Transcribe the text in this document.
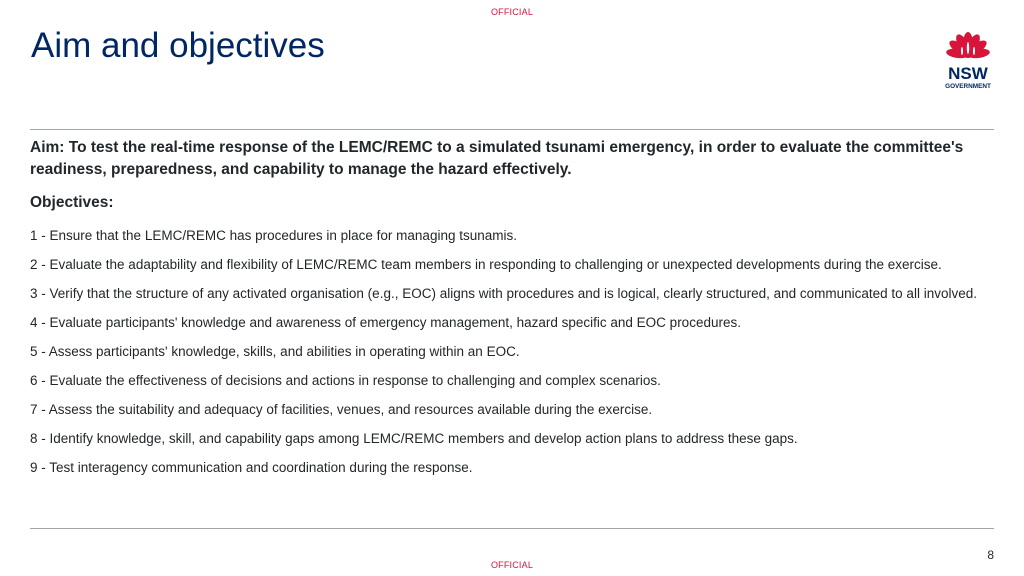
OFFICIAL
Aim and objectives
NSW
GOVERNMENT

Aim: To test the real-time response of the LEMC/REMC to a simulated tsunami emergency, in order to evaluate the committee's readiness, preparedness, and capability to manage the hazard effectively.

Objectives:

1 - Ensure that the LEMC/REMC has procedures in place for managing tsunamis.
2 - Evaluate the adaptability and flexibility of LEMC/REMC team members in responding to challenging or unexpected developments during the exercise.
3 - Verify that the structure of any activated organisation (e.g., EOC) aligns with procedures and is logical, clearly structured, and communicated to all involved.
4 - Evaluate participants' knowledge and awareness of emergency management, hazard specific and EOC procedures.
5 - Assess participants' knowledge, skills, and abilities in operating within an EOC.
6 - Evaluate the effectiveness of decisions and actions in response to challenging and complex scenarios.
7 - Assess the suitability and adequacy of facilities, venues, and resources available during the exercise.
8 - Identify knowledge, skill, and capability gaps among LEMC/REMC members and develop action plans to address these gaps.
9 - Test interagency communication and coordination during the response.
8
OFFICIAL
